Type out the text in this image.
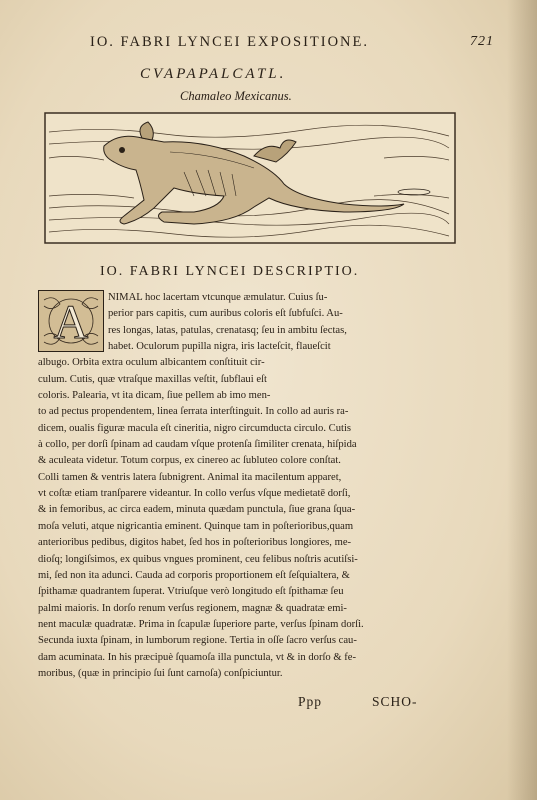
IO. FABRI LYNCEI EXPOSITIONE.	721
CVAPAPALCATL.
Chamaleo Mexicanus.
IO. FABRI LYNCEI DESCRIPTIO.
A	NIMAL hoc lacertam vtcunque æmulatur. Cuius ſu-
perior pars capitis, cum auribus coloris eſt ſubfuſci. Au-
res longas, latas, patulas, crenatasq; ſeu in ambitu ſectas,
habet. Oculorum pupilla nigra, iris lacteſcit, flaueſcit
albugo. Orbita extra oculum albicantem conſtituit cir-
culum. Cutis, quæ vtraſque maxillas veſtit, ſubflaui eſt
coloris. Palearia, vt ita dicam, ſiue pellem ab imo men-
to ad pectus propendentem, linea ſerrata interſtinguit. In collo ad auris ra-
dicem, oualis figuræ macula eſt cineritia, nigro circumducta circulo. Cutis
à collo, per dorſi ſpinam ad caudam vſque protenſa ſimiliter crenata, hiſpida
& aculeata videtur. Totum corpus, ex cinereo ac ſubluteo colore conſtat.
Colli tamen & ventris latera ſubnigrent. Animal ita macilentum apparet,
vt coſtæ etiam tranſparere videantur. In collo verſus vſque medietatē dorſi,
& in femoribus, ac circa eadem, minuta quædam punctula, ſiue grana ſqua-
moſa veluti, atque nigricantia eminent. Quinque tam in poſterioribus,quam
anterioribus pedibus, digitos habet, ſed hos in poſterioribus longiores, me-
dioſq; longiſsimos, ex quibus vngues prominent, ceu felibus noſtris acutiſsi-
mi, ſed non ita adunci. Cauda ad corporis proportionem eſt ſeſquialtera, &
ſpithamæ quadrantem ſuperat. Vtriuſque verò longitudo eſt ſpithamæ ſeu
palmi maioris. In dorſo renum verſus regionem, magnæ & quadratæ emi-
nent maculæ quadratæ. Prima in ſcapulæ ſuperiore parte, verſus ſpinam dorſi.
Secunda iuxta ſpinam, in lumborum regione. Tertia in oſſe ſacro verſus cau-
dam acuminata. In his præcipuè ſquamoſa illa punctula, vt & in dorſo & fe-
moribus, (quæ in principio ſui ſunt carnoſa) conſpiciuntur.
Ppp	SCHO-
